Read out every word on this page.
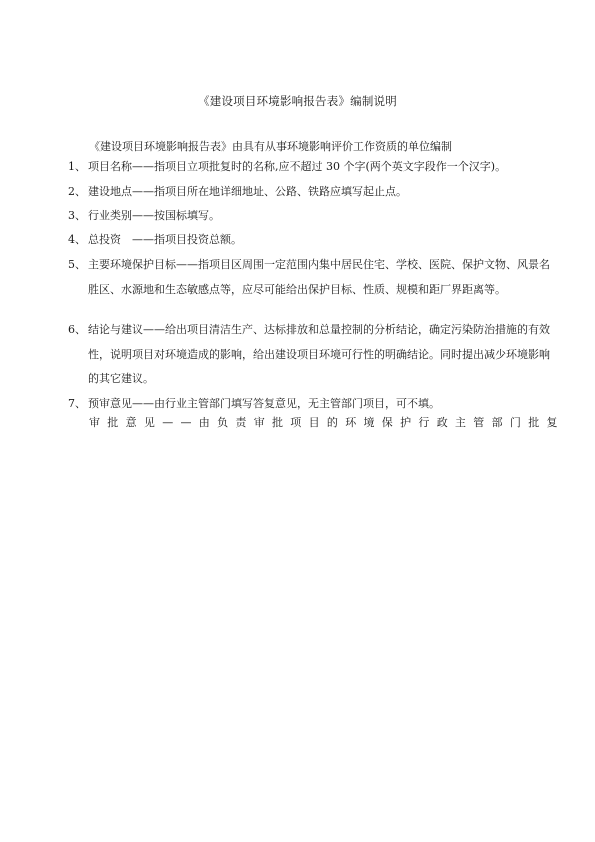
《建设项目环境影响报告表》编制说明
《建设项目环境影响报告表》由具有从事环境影响评价工作资质的单位编制
1、 项目名称——指项目立项批复时的名称,应不超过 30 个字(两个英文字段作一个汉字)。
2、 建设地点——指项目所在地详细地址、公路、铁路应填写起止点。
3、 行业类别——按国标填写。
4、 总投资　——指项目投资总额。
5、 主要环境保护目标——指项目区周围一定范围内集中居民住宅、学校、医院、保护文物、风景名胜区、水源地和生态敏感点等，应尽可能给出保护目标、性质、规模和距厂界距离等。
6、 结论与建议——给出项目清洁生产、达标排放和总量控制的分析结论，确定污染防治措施的有效性，说明项目对环境造成的影响，给出建设项目环境可行性的明确结论。同时提出减少环境影响的其它建议。
7、 预审意见——由行业主管部门填写答复意见，无主管部门项目，可不填。
审批意见——由负责审批项目的环境保护行政主管部门批复
